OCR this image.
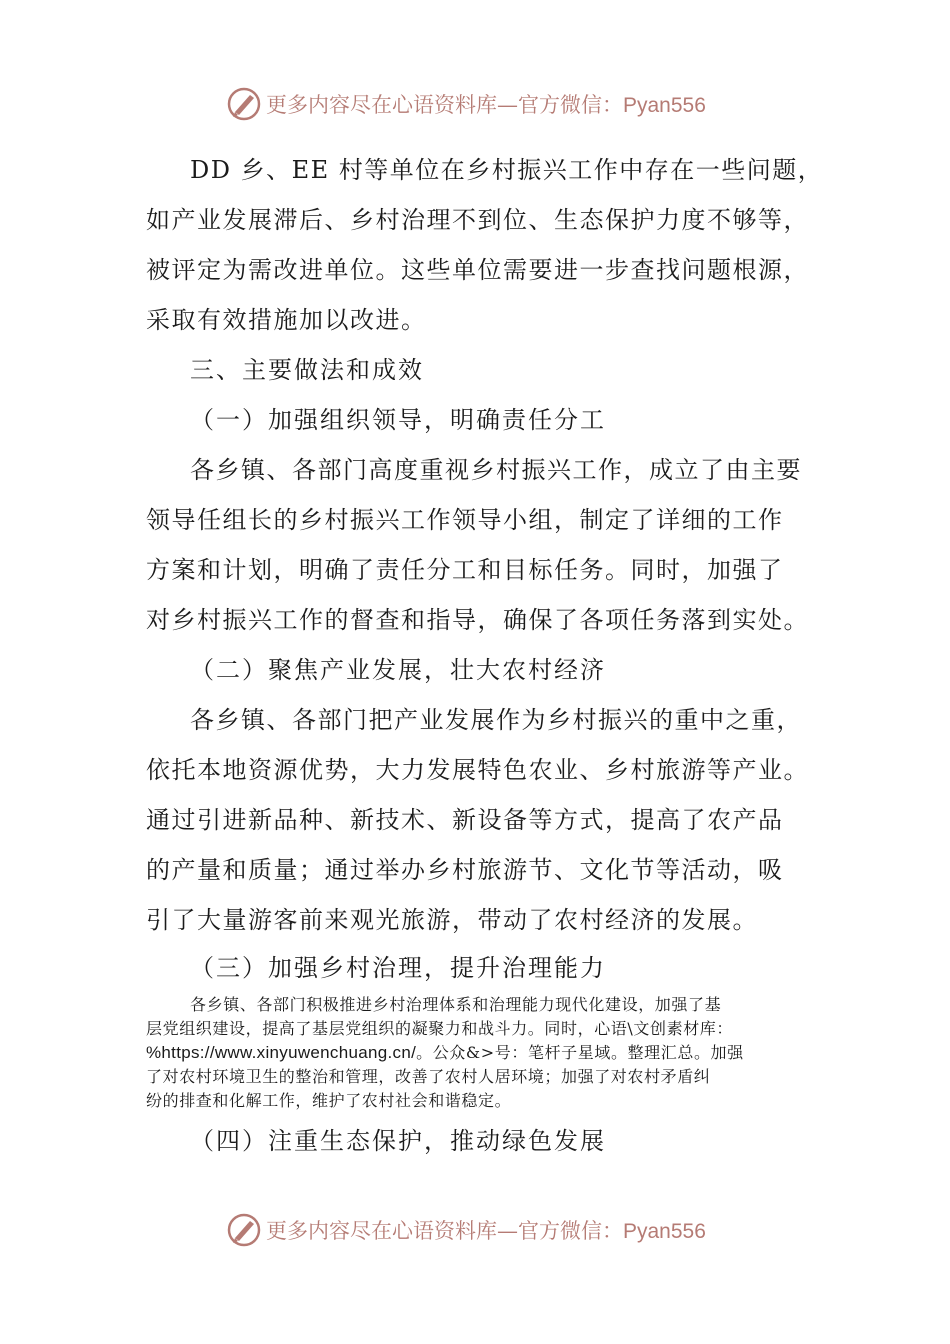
更多内容尽在心语资料库—官方微信：Pyan556
DD 乡、EE 村等单位在乡村振兴工作中存在一些问题，
如产业发展滞后、乡村治理不到位、生态保护力度不够等，
被评定为需改进单位。这些单位需要进一步查找问题根源，
采取有效措施加以改进。
三、主要做法和成效
（一）加强组织领导，明确责任分工
各乡镇、各部门高度重视乡村振兴工作，成立了由主要
领导任组长的乡村振兴工作领导小组，制定了详细的工作
方案和计划，明确了责任分工和目标任务。同时，加强了
对乡村振兴工作的督查和指导，确保了各项任务落到实处。
（二）聚焦产业发展，壮大农村经济
各乡镇、各部门把产业发展作为乡村振兴的重中之重，
依托本地资源优势，大力发展特色农业、乡村旅游等产业。
通过引进新品种、新技术、新设备等方式，提高了农产品
的产量和质量；通过举办乡村旅游节、文化节等活动，吸
引了大量游客前来观光旅游，带动了农村经济的发展。
（三）加强乡村治理，提升治理能力
各乡镇、各部门积极推进乡村治理体系和治理能力现代化建设，加强了基
层党组织建设，提高了基层党组织的凝聚力和战斗力。同时，心语\文创素材库：
%https://www.xinyuwenchuang.cn/。公众&>号：笔杆子星域。整理汇总。加强
了对农村环境卫生的整治和管理，改善了农村人居环境；加强了对农村矛盾纠
纷的排查和化解工作，维护了农村社会和谐稳定。
（四）注重生态保护，推动绿色发展
更多内容尽在心语资料库—官方微信：Pyan556
